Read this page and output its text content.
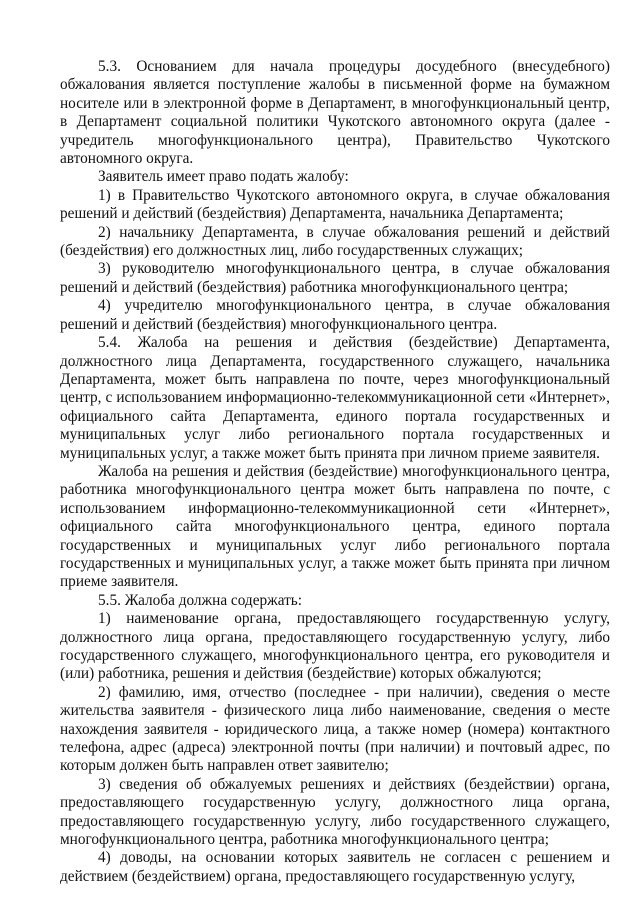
5.3. Основанием для начала процедуры досудебного (внесудебного) обжалования является поступление жалобы в письменной форме на бумажном носителе или в электронной форме в Департамент, в многофункциональный центр, в Департамент социальной политики Чукотского автономного округа (далее - учредитель многофункционального центра), Правительство Чукотского автономного округа.

Заявитель имеет право подать жалобу:

1) в Правительство Чукотского автономного округа, в случае обжалования решений и действий (бездействия) Департамента, начальника Департамента;

2) начальнику Департамента, в случае обжалования решений и действий (бездействия) его должностных лиц, либо государственных служащих;

3) руководителю многофункционального центра, в случае обжалования решений и действий (бездействия) работника многофункционального центра;

4) учредителю многофункционального центра, в случае обжалования решений и действий (бездействия) многофункционального центра.

5.4. Жалоба на решения и действия (бездействие) Департамента, должностного лица Департамента, государственного служащего, начальника Департамента, может быть направлена по почте, через многофункциональный центр, с использованием информационно-телекоммуникационной сети «Интернет», официального сайта Департамента, единого портала государственных и муниципальных услуг либо регионального портала государственных и муниципальных услуг, а также может быть принята при личном приеме заявителя.

Жалоба на решения и действия (бездействие) многофункционального центра, работника многофункционального центра может быть направлена по почте, с использованием информационно-телекоммуникационной сети «Интернет», официального сайта многофункционального центра, единого портала государственных и муниципальных услуг либо регионального портала государственных и муниципальных услуг, а также может быть принята при личном приеме заявителя.

5.5. Жалоба должна содержать:

1) наименование органа, предоставляющего государственную услугу, должностного лица органа, предоставляющего государственную услугу, либо государственного служащего, многофункционального центра, его руководителя и (или) работника, решения и действия (бездействие) которых обжалуются;

2) фамилию, имя, отчество (последнее - при наличии), сведения о месте жительства заявителя - физического лица либо наименование, сведения о месте нахождения заявителя - юридического лица, а также номер (номера) контактного телефона, адрес (адреса) электронной почты (при наличии) и почтовый адрес, по которым должен быть направлен ответ заявителю;

3) сведения об обжалуемых решениях и действиях (бездействии) органа, предоставляющего государственную услугу, должностного лица органа, предоставляющего государственную услугу, либо государственного служащего, многофункционального центра, работника многофункционального центра;

4) доводы, на основании которых заявитель не согласен с решением и действием (бездействием) органа, предоставляющего государственную услугу,
